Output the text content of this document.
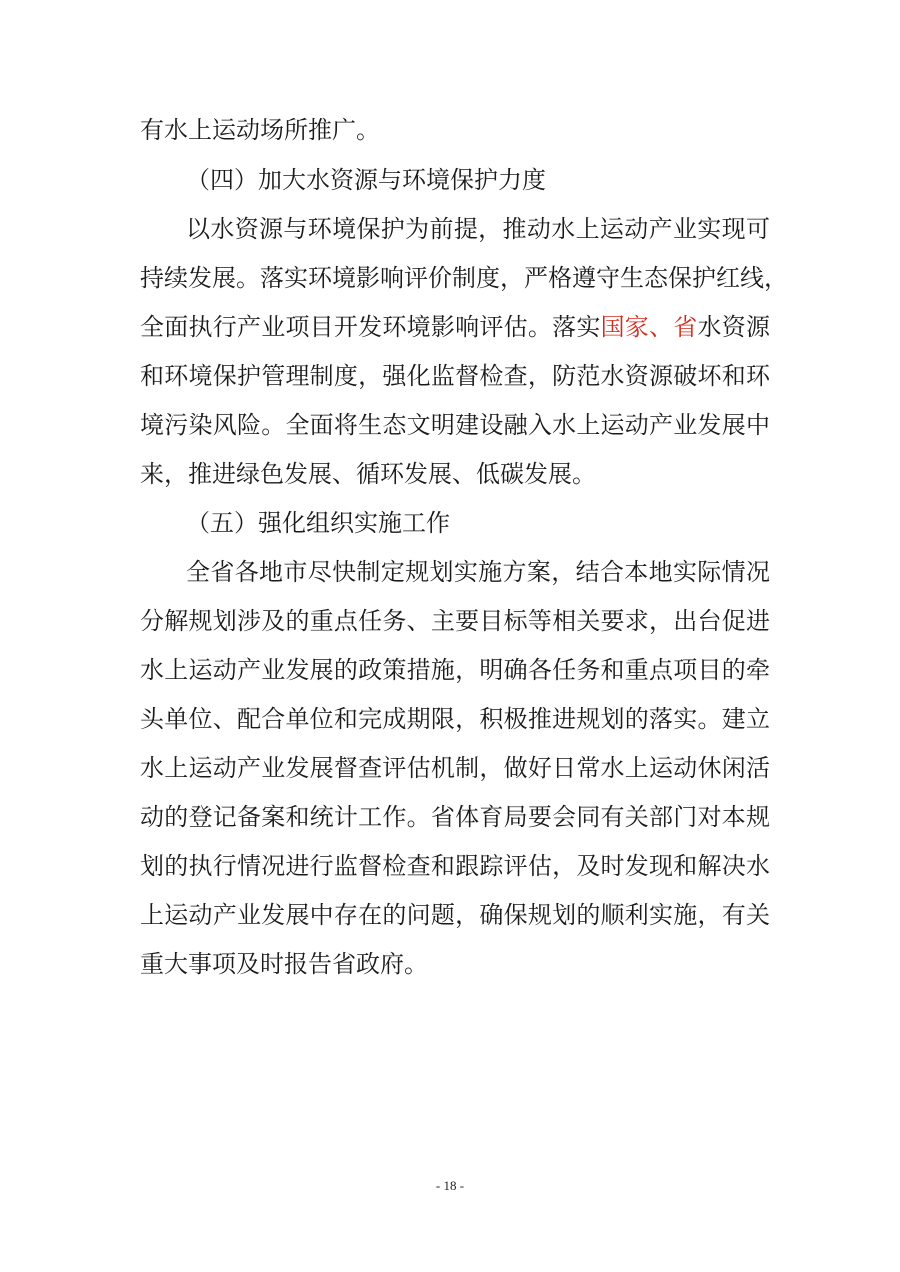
有水上运动场所推广。
（四）加大水资源与环境保护力度
以水资源与环境保护为前提，推动水上运动产业实现可
持续发展。落实环境影响评价制度，严格遵守生态保护红线，
全面执行产业项目开发环境影响评估。落实国家、省水资源
和环境保护管理制度，强化监督检查，防范水资源破坏和环
境污染风险。全面将生态文明建设融入水上运动产业发展中
来，推进绿色发展、循环发展、低碳发展。
（五）强化组织实施工作
全省各地市尽快制定规划实施方案，结合本地实际情况
分解规划涉及的重点任务、主要目标等相关要求，出台促进
水上运动产业发展的政策措施，明确各任务和重点项目的牵
头单位、配合单位和完成期限，积极推进规划的落实。建立
水上运动产业发展督查评估机制，做好日常水上运动休闲活
动的登记备案和统计工作。省体育局要会同有关部门对本规
划的执行情况进行监督检查和跟踪评估，及时发现和解决水
上运动产业发展中存在的问题，确保规划的顺利实施，有关
重大事项及时报告省政府。
- 18 -
